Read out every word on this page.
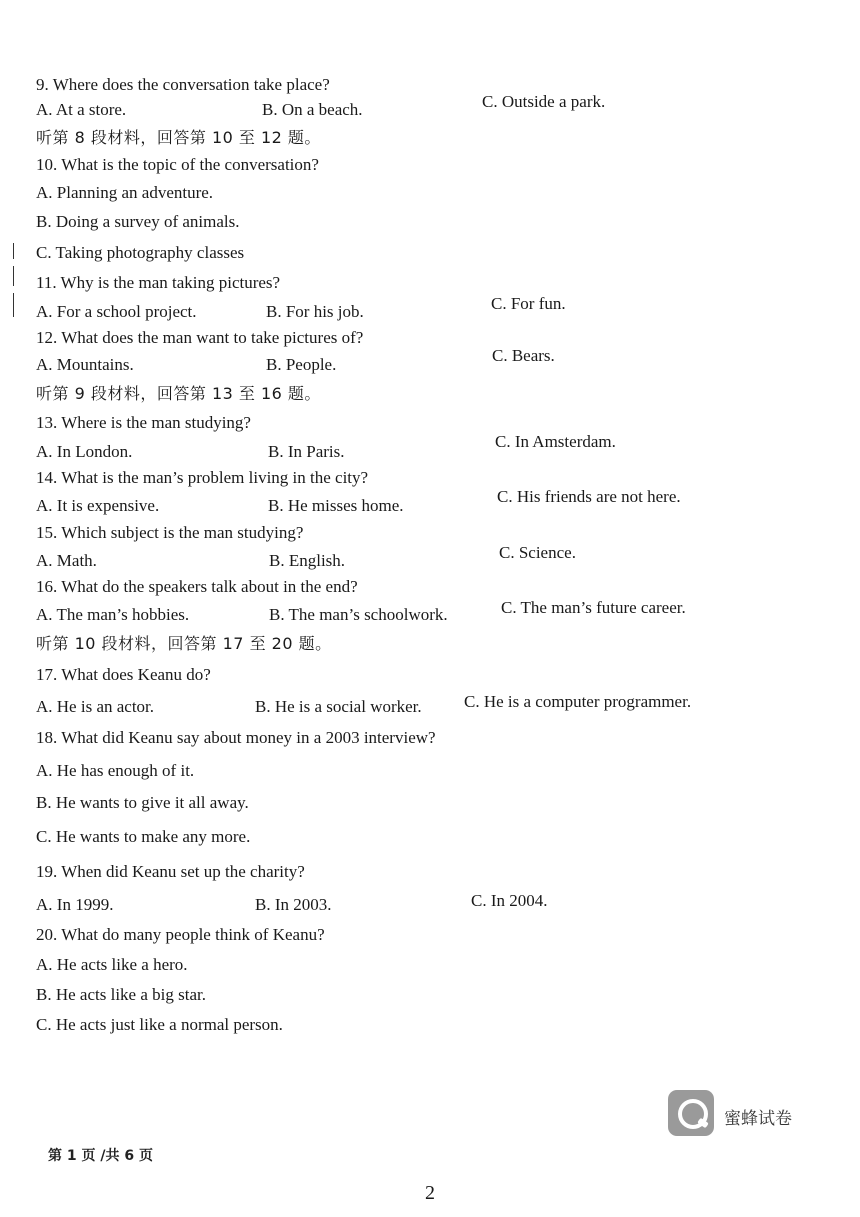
9. Where does the conversation take place?
A. At a store.	B. On a beach.	C. Outside a park.
听第 8 段材料，回答第 10 至 12 题。
10. What is the topic of the conversation?
A. Planning an adventure.
B. Doing a survey of animals.
C. Taking photography classes
11. Why is the man taking pictures?
A. For a school project.	B. For his job.	C. For fun.
12. What does the man want to take pictures of?
A. Mountains.	B. People.	C. Bears.
听第 9 段材料，回答第 13 至 16 题。
13. Where is the man studying?
A. In London.	B. In Paris.
C. In Amsterdam.
14. What is the man’s problem living in the city?
A. It is expensive.	B. He misses home.	C. His friends are not here.
15. Which subject is the man studying?
A. Math.	B. English.	C. Science.
16. What do the speakers talk about in the end?
A. The man’s hobbies.	B. The man’s schoolwork.	C. The man’s future career.
听第 10 段材料，回答第 17 至 20 题。
17. What does Keanu do?
A. He is an actor.	B. He is a social worker. C. He is a computer programmer.
18. What did Keanu say about money in a 2003 interview?
A. He has enough of it.
B. He wants to give it all away.
C. He wants to make any more.
19. When did Keanu set up the charity?
A. In 1999.	B. In 2003.	C. In 2004.
20. What do many people think of Keanu?
A. He acts like a hero.
B. He acts like a big star.
C. He acts just like a normal person.
蜜蜂试卷
第 1 页 /共 6 页
2
